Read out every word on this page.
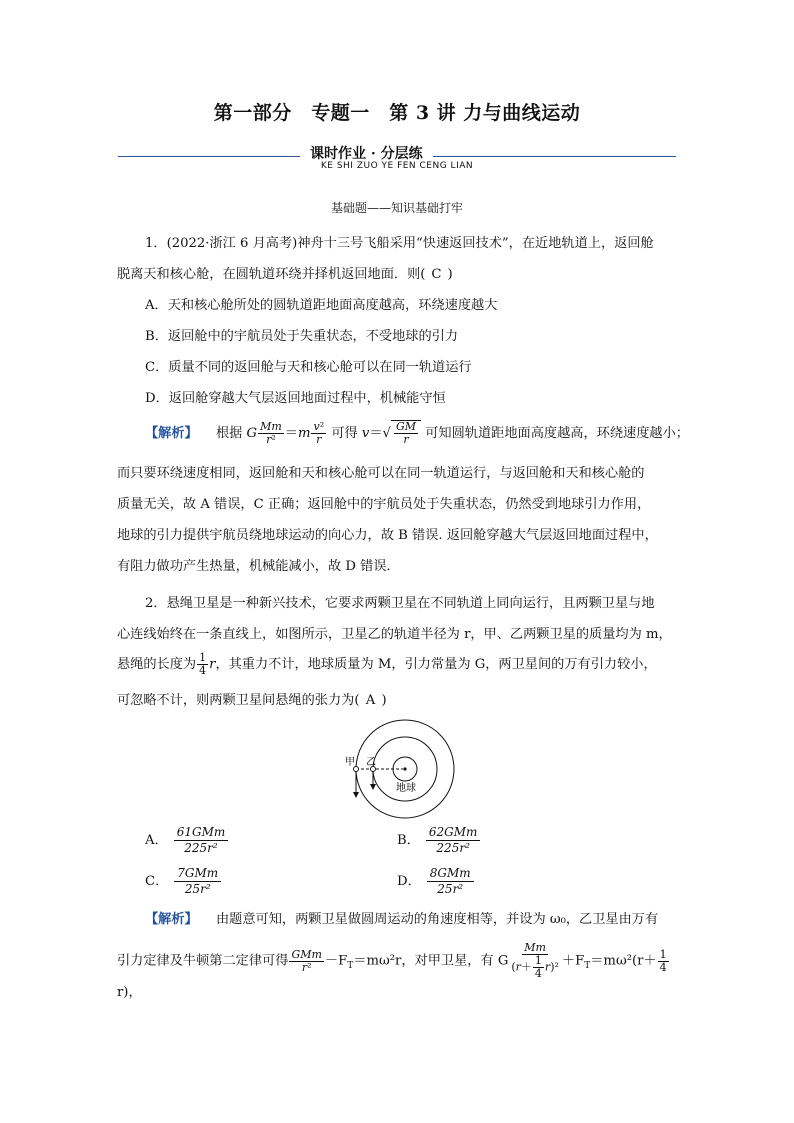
第一部分　专题一　第 3 讲 力与曲线运动
课时作业 · 分层练
KE SHI ZUO YE FEN CENG LIAN
基础题——知识基础打牢
1．(2022·浙江 6 月高考)神舟十三号飞船采用“快速返回技术”，在近地轨道上，返回舱
脱离天和核心舱，在圆轨道环绕并择机返回地面．则( C )
A．天和核心舱所处的圆轨道距地面高度越高，环绕速度越大
B．返回舱中的宇航员处于失重状态，不受地球的引力
C．质量不同的返回舱与天和核心舱可以在同一轨道运行
D．返回舱穿越大气层返回地面过程中，机械能守恒
【解析】 根据 G $\frac{Mm}{\text{r²}} =m \frac{\text{v²}}{r}$ 可得 $v=√ \frac{GM}{r}$ 可知圆轨道距地面高度越高，环绕速度越小；
而只要环绕速度相同，返回舱和天和核心舱可以在同一轨道运行，与返回舱和天和核心舱的
质量无关，故 A 错误，C 正确；返回舱中的宇航员处于失重状态，仍然受到地球引力作用，
地球的引力提供宇航员绕地球运动的向心力，故 B 错误. 返回舱穿越大气层返回地面过程中，
有阻力做功产生热量，机械能减小，故 D 错误．
2．悬绳卫星是一种新兴技术，它要求两颗卫星在不同轨道上同向运行，且两颗卫星与地
心连线始终在一条直线上，如图所示，卫星乙的轨道半径为 r，甲、乙两颗卫星的质量均为 m，
悬绳的长度为 $\frac{1}{4}$ r，其重力不计，地球质量为 M，引力常量为 G，两卫星间的万有引力较小，
可忽略不计，则两颗卫星间悬绳的张力为( A )
甲 乙
地球
A． $\frac{\text{61GMm}}{\text{225r²}}$	B． $\frac{\text{62GMm}}{\text{225r²}}$
C． $\frac{\text{7GMm}}{\text{25r²}}$	D． $\frac{\text{8GMm}}{\text{25r²}}$
【解析】 由题意可知，两颗卫星做圆周运动的角速度相等，并设为 ω₀，乙卫星由万有
引力定律及牛顿第二定律可得 $\frac{\text{GMm}}{\text{r²}} -F_T=m\omega^2r$，对甲卫星，有 G $\frac{Mm}{(r+ \frac{1}{4} r)^2} +F_T=m\omega^2(r+ \frac{1}{4}$
r)，
